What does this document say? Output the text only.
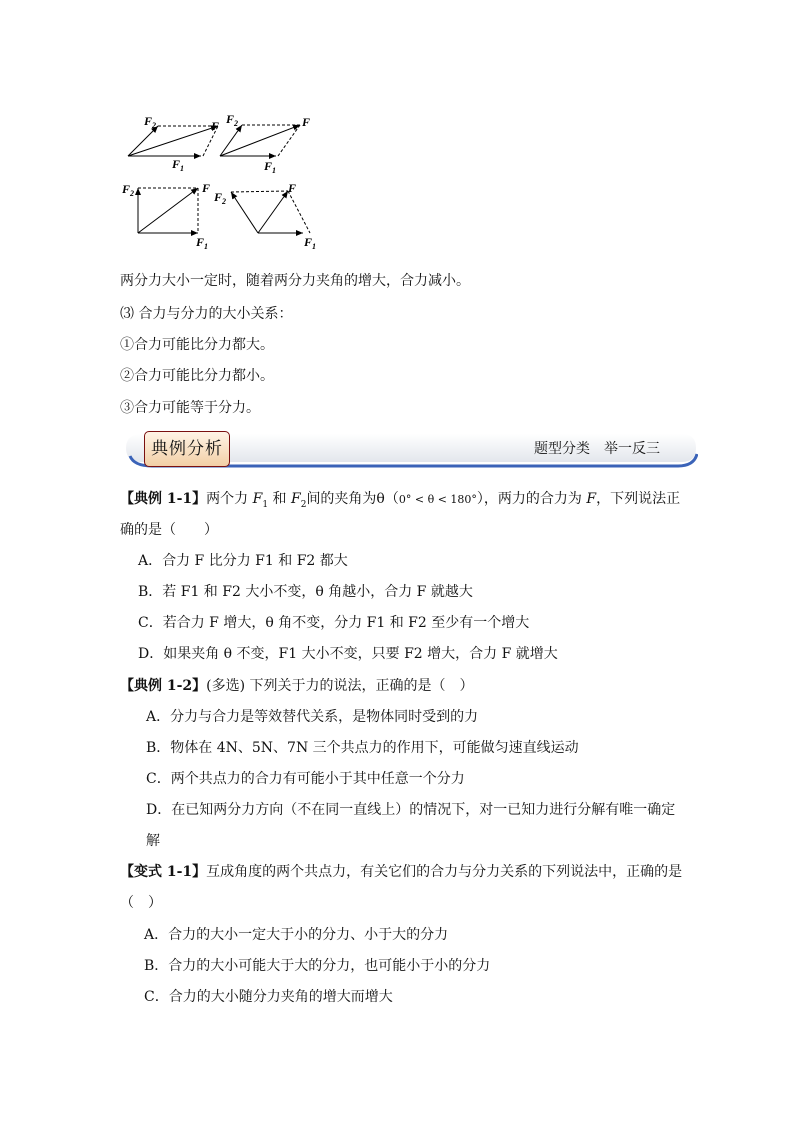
$F_2$	F
$F_1$
$F_2$	F
$F_1$
$F_2$	F
$F_1$
$F_2$
F
$F_1$
两分力大小一定时，随着两分力夹角的增大，合力减小。
⑶ 合力与分力的大小关系：
①合力可能比分力都大。
②合力可能比分力都小。
③合力可能等于分力。
典例分析	题型分类　举一反三
【典例 1-1】两个力 $F_1$ 和 $F_2$间的夹角为θ（0° < θ < 180°），两力的合力为 F，下列说法正
确的是（　　）
A．合力 F 比分力 F1 和 F2 都大
B．若 F1 和 F2 大小不变，θ 角越小，合力 F 就越大
C．若合力 F 增大，θ 角不变，分力 F1 和 F2 至少有一个增大
D．如果夹角 θ 不变，F1 大小不变，只要 F2 增大，合力 F 就增大
【典例 1-2】(多选) 下列关于力的说法，正确的是（　）
A．分力与合力是等效替代关系，是物体同时受到的力
B．物体在 4N、5N、7N 三个共点力的作用下，可能做匀速直线运动
C．两个共点力的合力有可能小于其中任意一个分力
D．在已知两分力方向（不在同一直线上）的情况下，对一已知力进行分解有唯一确定
解
【变式 1-1】互成角度的两个共点力，有关它们的合力与分力关系的下列说法中，正确的是
（　）
A．合力的大小一定大于小的分力、小于大的分力
B．合力的大小可能大于大的分力，也可能小于小的分力
C．合力的大小随分力夹角的增大而增大
